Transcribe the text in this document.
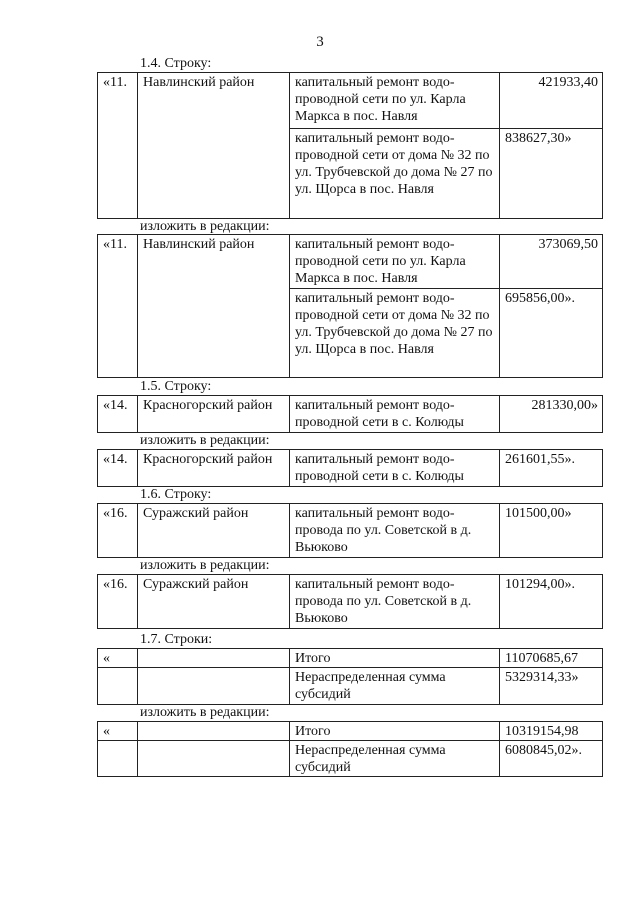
3
1.4. Строку:
«11.	Навлинский район	капитальный ремонт водо-проводной сети по ул. Карла Маркса в пос. Навля	421933,40
		капитальный ремонт водо-проводной сети от дома № 32 по ул. Трубчевской до дома № 27 по ул. Щорса в пос. Навля	838627,30»
изложить в редакции:
«11.	Навлинский район	капитальный ремонт водо-проводной сети по ул. Карла Маркса в пос. Навля	373069,50
		капитальный ремонт водо-проводной сети от дома № 32 по ул. Трубчевской до дома № 27 по ул. Щорса в пос. Навля	695856,00».
1.5. Строку:
«14.	Красногорский район	капитальный ремонт водо-проводной сети в с. Колюды	281330,00»
изложить в редакции:
«14.	Красногорский район	капитальный ремонт водо-проводной сети в с. Колюды	261601,55».
1.6. Строку:
«16.	Суражский район	капитальный ремонт водо-провода по ул. Советской в д. Вьюково	101500,00»
изложить в редакции:
«16.	Суражский район	капитальный ремонт водо-провода по ул. Советской в д. Вьюково	101294,00».
1.7. Строки:
«		Итого	11070685,67
		Нераспределенная сумма субсидий	5329314,33»
изложить в редакции:
«		Итого	10319154,98
		Нераспределенная сумма субсидий	6080845,02».
